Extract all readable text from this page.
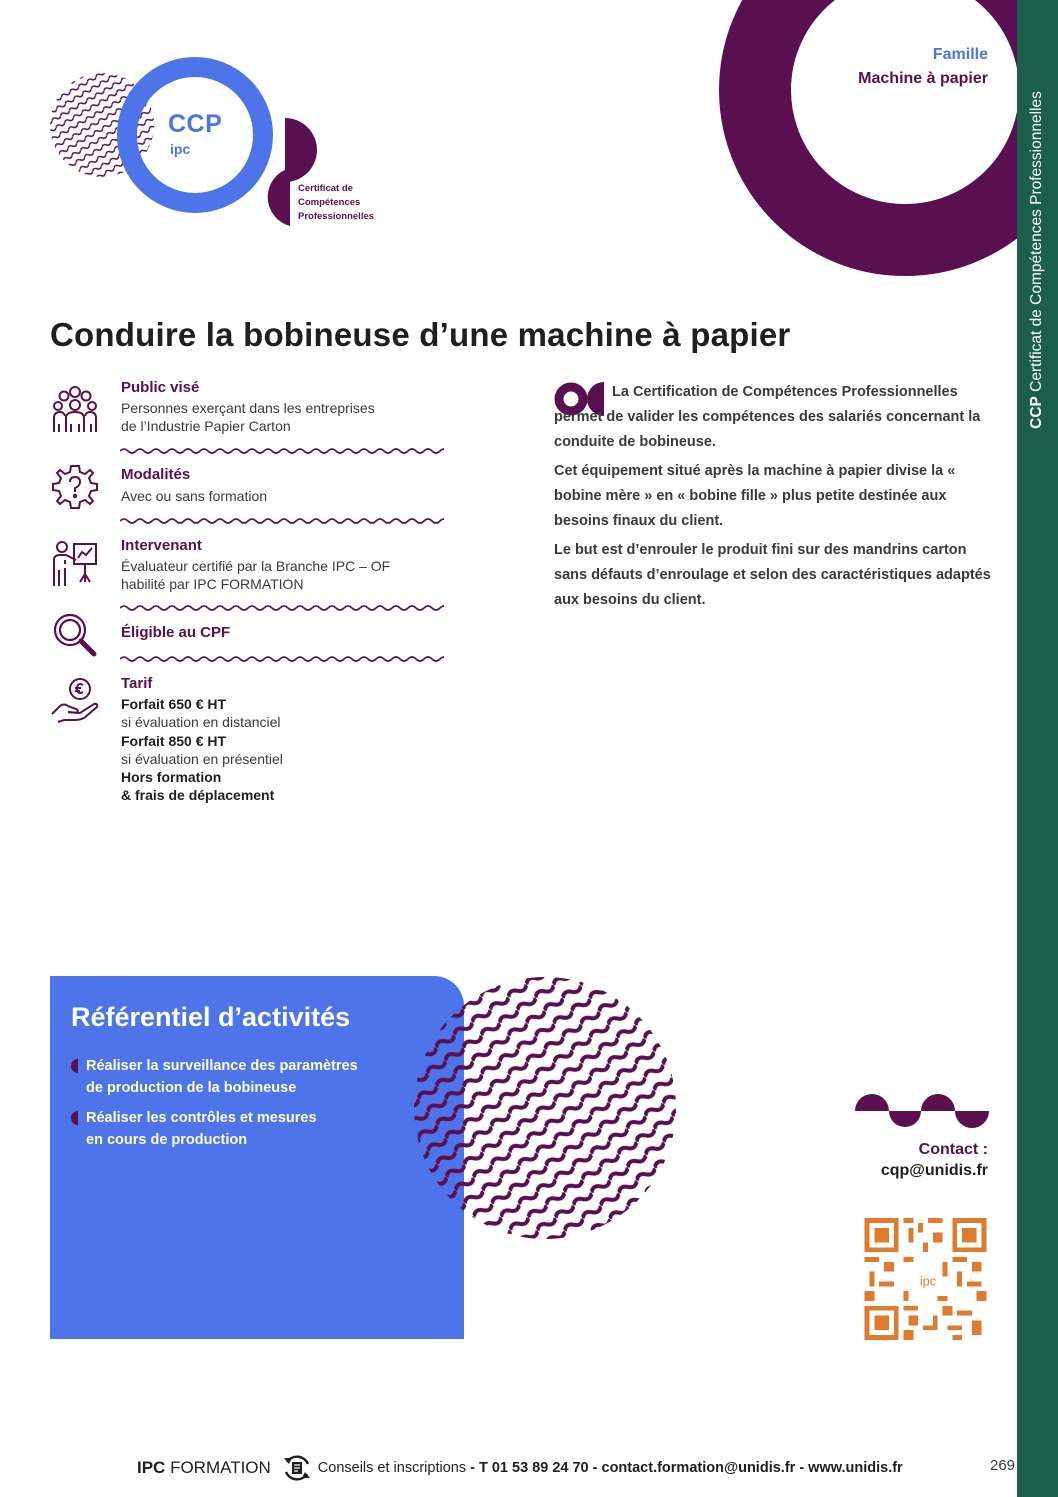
CCP Certificat de Compétences Professionnelles
Famille
Machine à papier
CCP
ipc
Certificat de
Compétences
Professionnelles
Conduire la bobineuse d’une machine à papier
Public visé
Personnes exerçant dans les entreprises
de l’Industrie Papier Carton
Modalités
Avec ou sans formation
Intervenant
Évaluateur certifié par la Branche IPC – OF
habilité par IPC FORMATION
Éligible au CPF
Tarif
Forfait 650 € HT
si évaluation en distanciel
Forfait 850 € HT
si évaluation en présentiel
Hors formation
& frais de déplacement

La Certification de Compétences Professionnelles permet de valider les compétences des salariés concernant la conduite de bobineuse.

Cet équipement situé après la machine à papier divise la « bobine mère » en « bobine fille » plus petite destinée aux besoins finaux du client.

Le but est d’enrouler le produit fini sur des mandrins carton sans défauts d’enroulage et selon des caractéristiques adaptés aux besoins du client.

Référentiel d’activités
Réaliser la surveillance des paramètres
de production de la bobineuse
Réaliser les contrôles et mesures
en cours de production
Contact :
cqp@unidis.fr
ipc
IPC FORMATION	Conseils et inscriptions - T 01 53 89 24 70 - contact.formation@unidis.fr - www.unidis.fr	269
